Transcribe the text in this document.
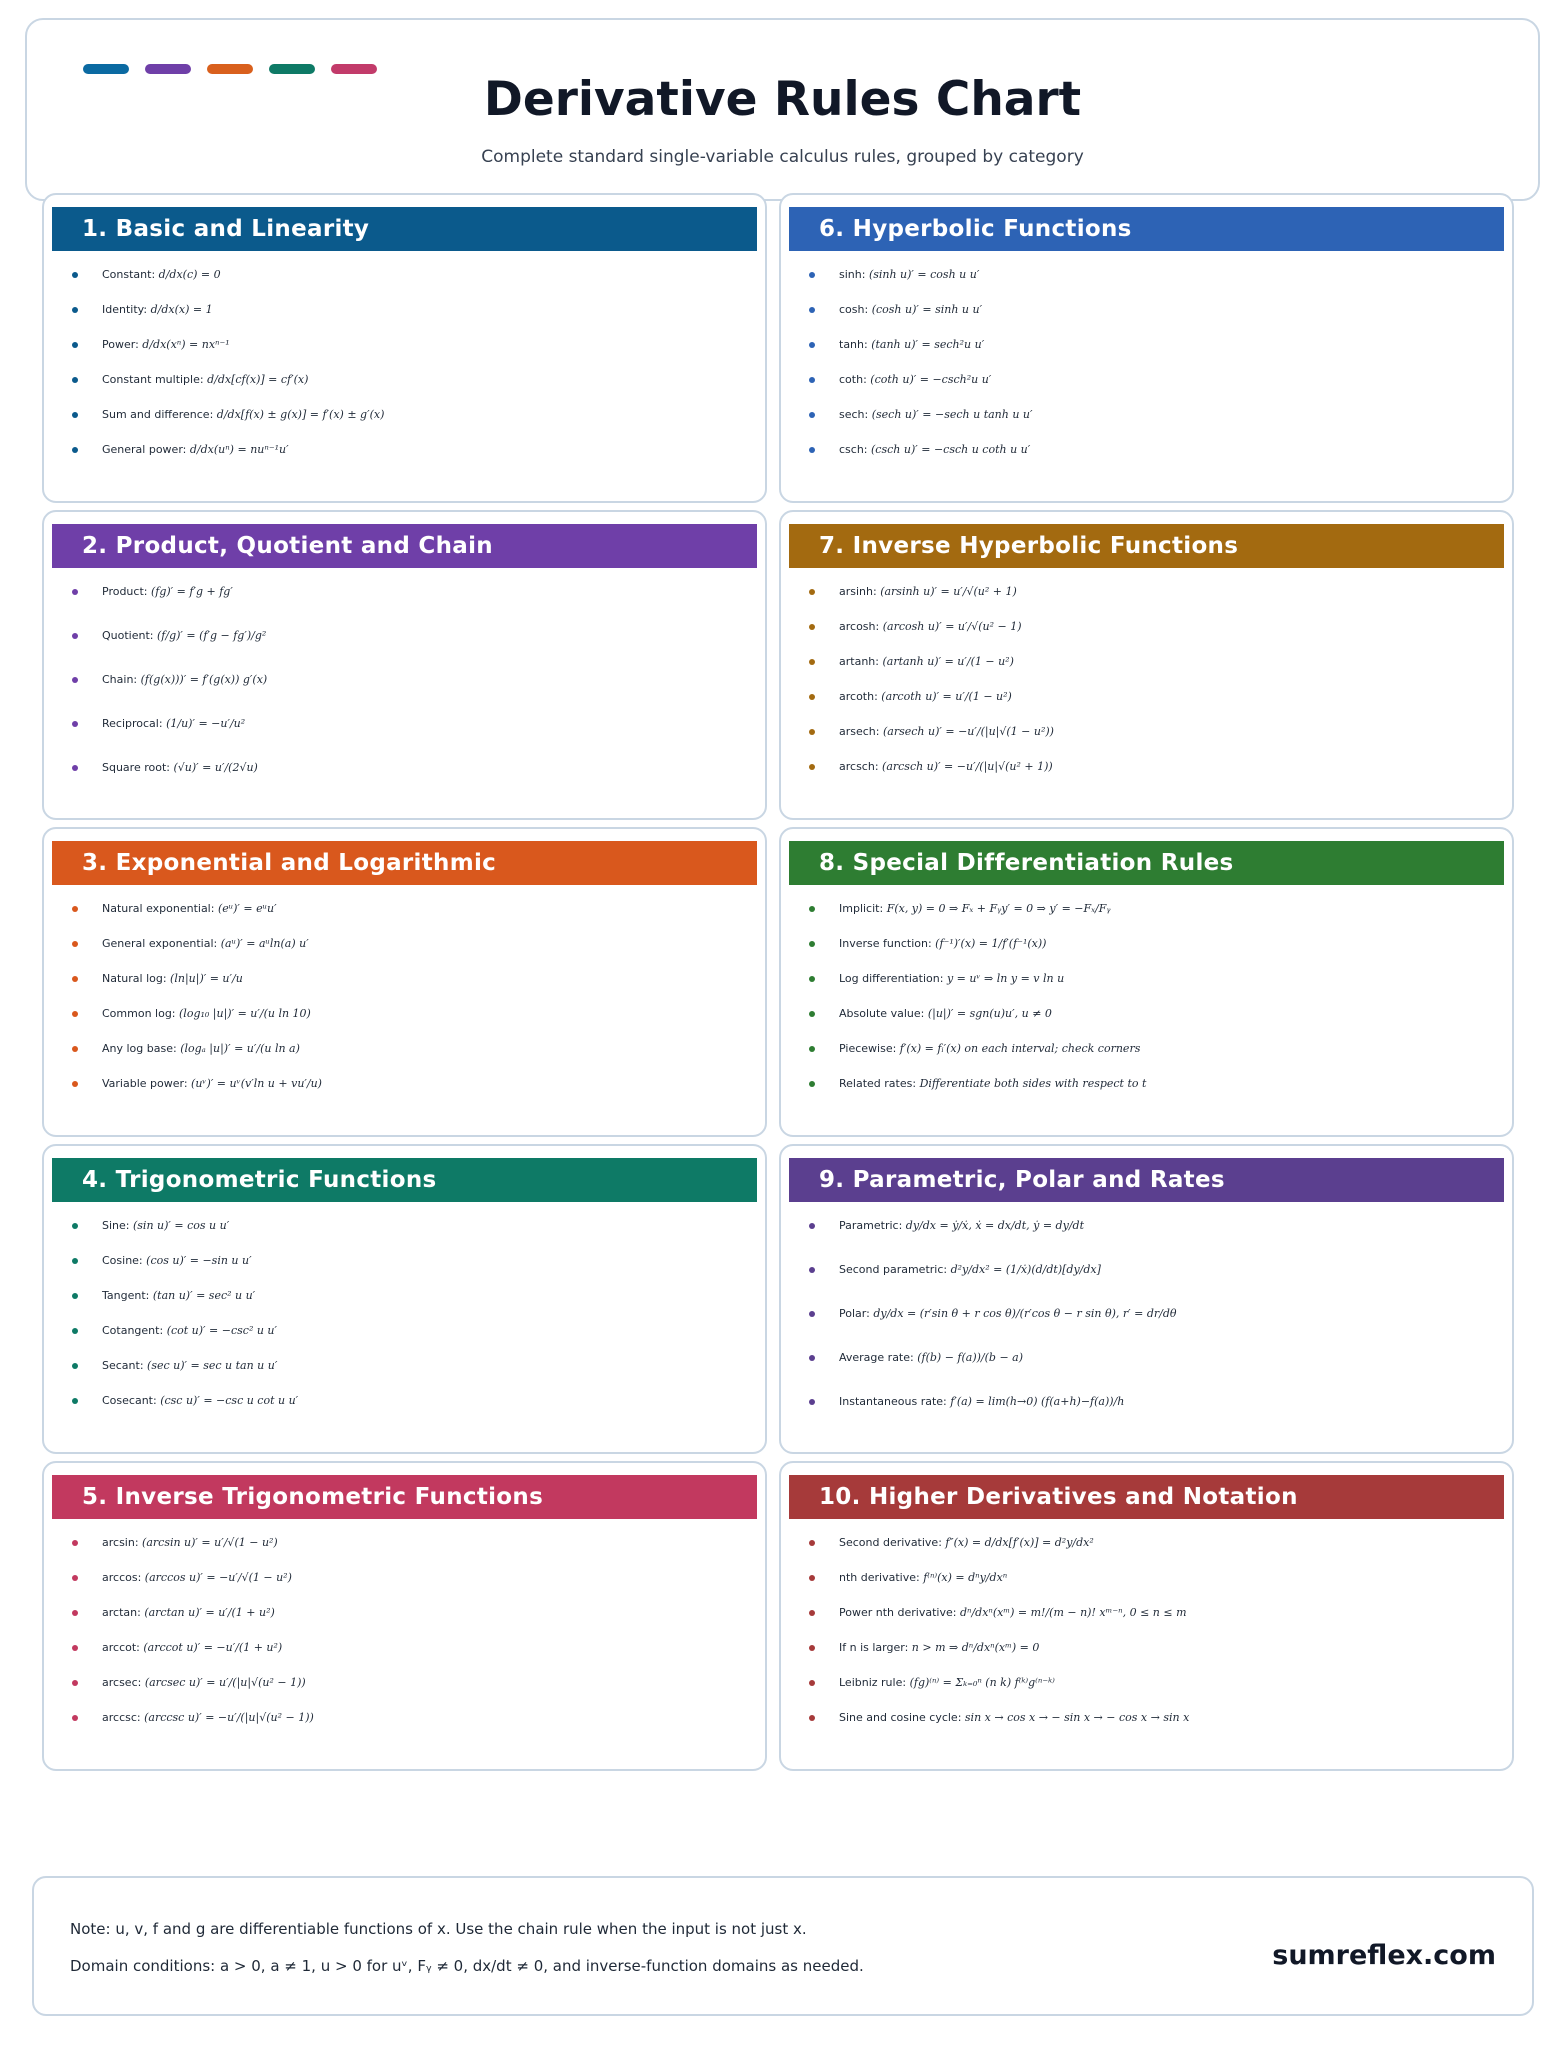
Derivative Rules Chart
Complete standard single-variable calculus rules, grouped by category
1. Basic and Linearity
Constant: d/dx(c) = 0
Identity: d/dx(x) = 1
Power: d/dx(xⁿ) = nxⁿ⁻¹
Constant multiple: d/dx[cf(x)] = cf′(x)
Sum and difference: d/dx[f(x) ± g(x)] = f′(x) ± g′(x)
General power: d/dx(uⁿ) = nuⁿ⁻¹u′
6. Hyperbolic Functions
sinh: (sinh u)′ = cosh u u′
cosh: (cosh u)′ = sinh u u′
tanh: (tanh u)′ = sech²u u′
coth: (coth u)′ = −csch²u u′
sech: (sech u)′ = −sech u tanh u u′
csch: (csch u)′ = −csch u coth u u′
2. Product, Quotient and Chain
Product: (fg)′ = f′g + fg′
Quotient: (f/g)′ = (f′g − fg′)/g²
Chain: (f(g(x)))′ = f′(g(x)) g′(x)
Reciprocal: (1/u)′ = −u′/u²
Square root: (√u)′ = u′/(2√u)
7. Inverse Hyperbolic Functions
arsinh: (arsinh u)′ = u′/√(u² + 1)
arcosh: (arcosh u)′ = u′/√(u² − 1)
artanh: (artanh u)′ = u′/(1 − u²)
arcoth: (arcoth u)′ = u′/(1 − u²)
arsech: (arsech u)′ = −u′/(|u|√(1 − u²))
arcsch: (arcsch u)′ = −u′/(|u|√(u² + 1))
3. Exponential and Logarithmic
Natural exponential: (eᵘ)′ = eᵘu′
General exponential: (aᵘ)′ = aᵘln(a) u′
Natural log: (ln|u|)′ = u′/u
Common log: (log₁₀ |u|)′ = u′/(u ln 10)
Any log base: (logₐ |u|)′ = u′/(u ln a)
Variable power: (uᵛ)′ = uᵛ(v′ln u + vu′/u)
8. Special Differentiation Rules
Implicit: F(x, y) = 0 ⇒ Fₓ + Fᵧy′ = 0 ⇒ y′ = −Fₓ/Fᵧ
Inverse function: (f⁻¹)′(x) = 1/f′(f⁻¹(x))
Log differentiation: y = uᵛ ⇒ ln y = v ln u
Absolute value: (|u|)′ = sgn(u)u′, u ≠ 0
Piecewise: f′(x) = fᵢ′(x) on each interval; check corners
Related rates: Differentiate both sides with respect to t
4. Trigonometric Functions
Sine: (sin u)′ = cos u u′
Cosine: (cos u)′ = −sin u u′
Tangent: (tan u)′ = sec² u u′
Cotangent: (cot u)′ = −csc² u u′
Secant: (sec u)′ = sec u tan u u′
Cosecant: (csc u)′ = −csc u cot u u′
9. Parametric, Polar and Rates
Parametric: dy/dx = ẏ/ẋ, ẋ = dx/dt, ẏ = dy/dt
Second parametric: d²y/dx² = (1/ẋ)(d/dt)[dy/dx]
Polar: dy/dx = (r′sin θ + r cos θ)/(r′cos θ − r sin θ), r′ = dr/dθ
Average rate: (f(b) − f(a))/(b − a)
Instantaneous rate: f′(a) = lim(h→0) (f(a+h)−f(a))/h
5. Inverse Trigonometric Functions
arcsin: (arcsin u)′ = u′/√(1 − u²)
arccos: (arccos u)′ = −u′/√(1 − u²)
arctan: (arctan u)′ = u′/(1 + u²)
arccot: (arccot u)′ = −u′/(1 + u²)
arcsec: (arcsec u)′ = u′/(|u|√(u² − 1))
arccsc: (arccsc u)′ = −u′/(|u|√(u² − 1))
10. Higher Derivatives and Notation
Second derivative: f″(x) = d/dx[f′(x)] = d²y/dx²
nth derivative: f⁽ⁿ⁾(x) = dⁿy/dxⁿ
Power nth derivative: dⁿ/dxⁿ(xᵐ) = m!/(m − n)! xᵐ⁻ⁿ, 0 ≤ n ≤ m
If n is larger: n > m ⇒ dⁿ/dxⁿ(xᵐ) = 0
Leibniz rule: (fg)⁽ⁿ⁾ = Σₖ₌₀ⁿ (n k) f⁽ᵏ⁾g⁽ⁿ⁻ᵏ⁾
Sine and cosine cycle: sin x → cos x → − sin x → − cos x → sin x
Note: u, v, f and g are differentiable functions of x. Use the chain rule when the input is not just x.
Domain conditions: a > 0, a ≠ 1, u > 0 for uᵛ, Fᵧ ≠ 0, dx/dt ≠ 0, and inverse-function domains as needed.	sumreflex.com
